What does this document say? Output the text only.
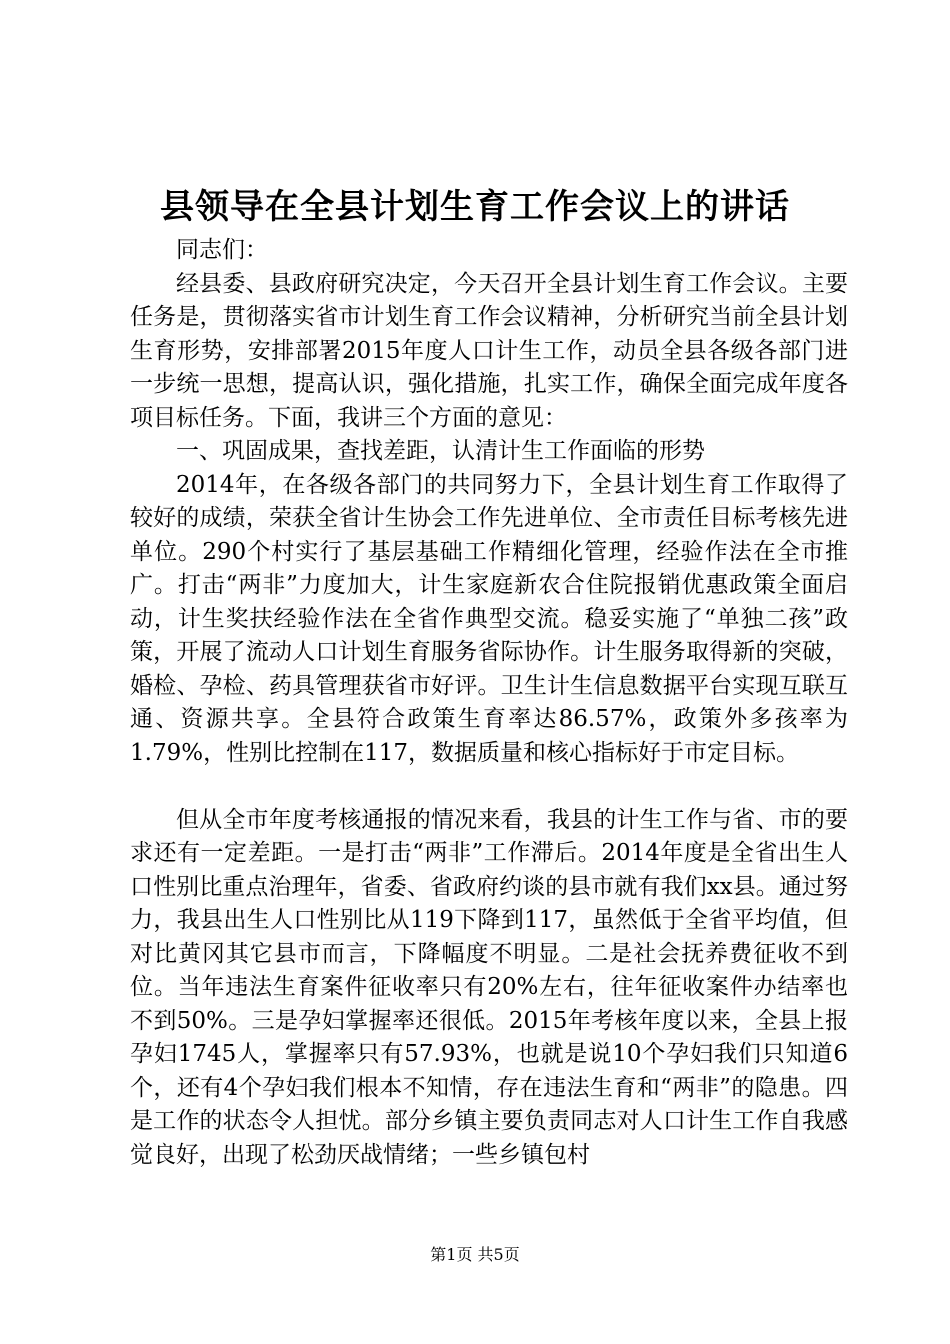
县领导在全县计划生育工作会议上的讲话

同志们：

经县委、县政府研究决定，今天召开全县计划生育工作会议。主要任务是，贯彻落实省市计划生育工作会议精神，分析研究当前全县计划生育形势，安排部署2015年度人口计生工作，动员全县各级各部门进一步统一思想，提高认识，强化措施，扎实工作，确保全面完成年度各项目标任务。下面，我讲三个方面的意见：

一、巩固成果，查找差距，认清计生工作面临的形势

2014年，在各级各部门的共同努力下，全县计划生育工作取得了较好的成绩，荣获全省计生协会工作先进单位、全市责任目标考核先进单位。290个村实行了基层基础工作精细化管理，经验作法在全市推广。打击“两非”力度加大，计生家庭新农合住院报销优惠政策全面启动，计生奖扶经验作法在全省作典型交流。稳妥实施了“单独二孩”政策，开展了流动人口计划生育服务省际协作。计生服务取得新的突破，婚检、孕检、药具管理获省市好评。卫生计生信息数据平台实现互联互通、资源共享。全县符合政策生育率达86.57%，政策外多孩率为1.79%，性别比控制在117，数据质量和核心指标好于市定目标。

但从全市年度考核通报的情况来看，我县的计生工作与省、市的要求还有一定差距。一是打击“两非”工作滞后。2014年度是全省出生人口性别比重点治理年，省委、省政府约谈的县市就有我们xx县。通过努力，我县出生人口性别比从119下降到117，虽然低于全省平均值，但对比黄冈其它县市而言，下降幅度不明显。二是社会抚养费征收不到位。当年违法生育案件征收率只有20%左右，往年征收案件办结率也不到50%。三是孕妇掌握率还很低。2015年考核年度以来，全县上报孕妇1745人，掌握率只有57.93%，也就是说10个孕妇我们只知道6个，还有4个孕妇我们根本不知情，存在违法生育和“两非”的隐患。四是工作的状态令人担忧。部分乡镇主要负责同志对人口计生工作自我感觉良好，出现了松劲厌战情绪；一些乡镇包村

第1页 共5页
